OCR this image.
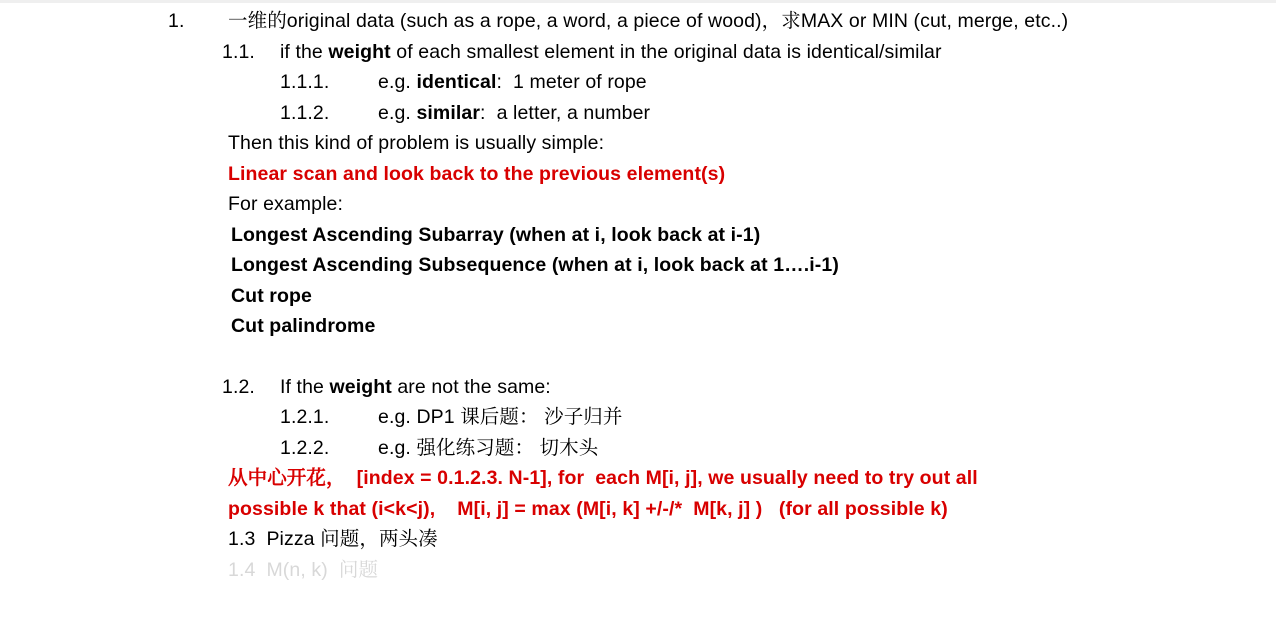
1. 一维的original data (such as a rope, a word, a piece of wood)，求MAX or MIN (cut, merge, etc..)
1.1. if the weight of each smallest element in the original data is identical/similar
1.1.1. e.g. identical:  1 meter of rope
1.1.2. e.g. similar:  a letter, a number
Then this kind of problem is usually simple:
Linear scan and look back to the previous element(s)
For example:
Longest Ascending Subarray (when at i, look back at i-1)
Longest Ascending Subsequence (when at i, look back at 1….i-1)
Cut rope
Cut palindrome
1.2. If the weight are not the same:
1.2.1. e.g. DP1 课后题： 沙子归并
1.2.2. e.g. 强化练习题： 切木头
从中心开花，  [index = 0.1.2.3. N-1], for  each M[i, j], we usually need to try out all
possible k that (i<k<j),    M[i, j] = max (M[i, k] +/-/*  M[k, j] )   (for all possible k)
1.3  Pizza 问题，两头凑
1.4  M(n, k)  问题
